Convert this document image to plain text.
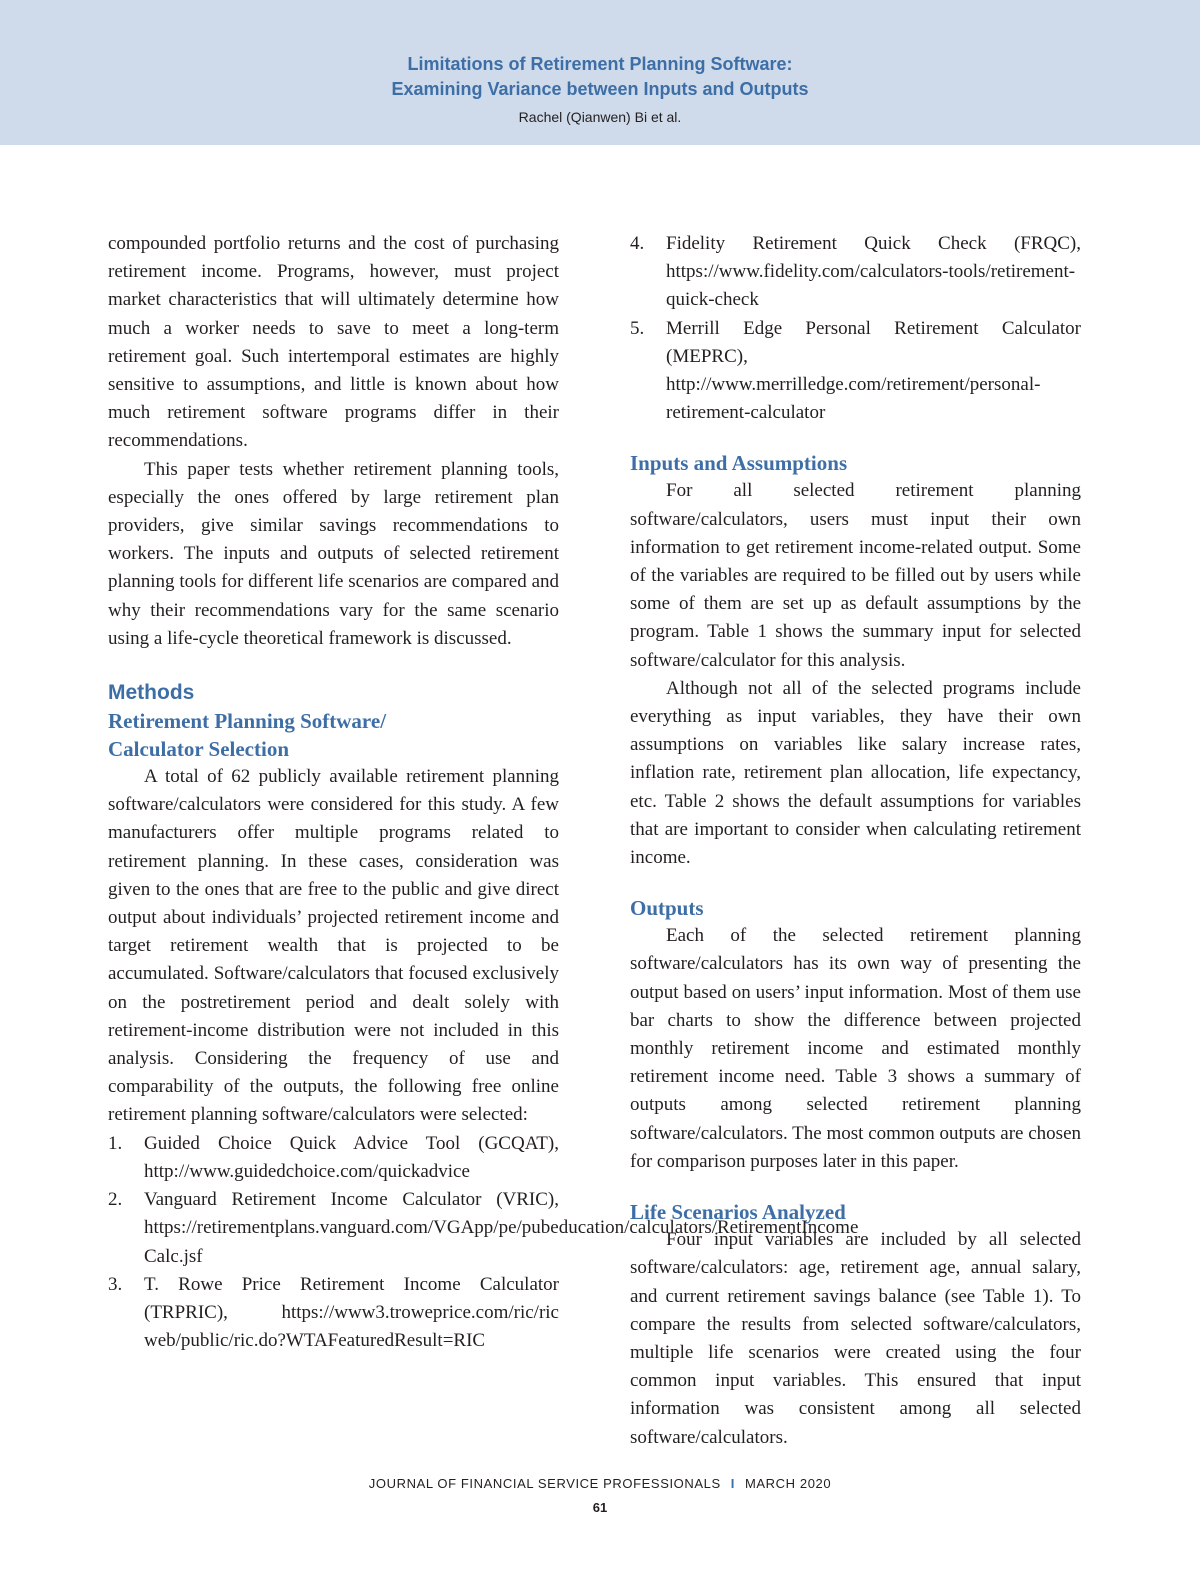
Limitations of Retirement Planning Software:
Examining Variance between Inputs and Outputs
Rachel (Qianwen) Bi et al.

compounded portfolio returns and the cost of purchasing retirement income. Programs, however, must project market characteristics that will ultimately determine how much a worker needs to save to meet a long-term retirement goal. Such intertemporal estimates are highly sensitive to assumptions, and little is known about how much retirement software programs differ in their recommendations.

This paper tests whether retirement planning tools, especially the ones offered by large retirement plan providers, give similar savings recommendations to workers. The inputs and outputs of selected retirement planning tools for different life scenarios are compared and why their recommendations vary for the same scenario using a life-cycle theoretical framework is discussed.

Methods
Retirement Planning Software/
Calculator Selection

A total of 62 publicly available retirement planning software/calculators were considered for this study. A few manufacturers offer multiple programs related to retirement planning. In these cases, consideration was given to the ones that are free to the public and give direct output about individuals’ projected retirement income and target retirement wealth that is projected to be accumulated. Software/calculators that focused exclusively on the postretirement period and dealt solely with retirement-income distribution were not included in this analysis. Considering the frequency of use and comparability of the outputs, the following free online retirement planning software/calculators were selected:

1. Guided Choice Quick Advice Tool (GCQAT), http://www.guidedchoice.com/quickadvice
2. Vanguard Retirement Income Calculator (VRIC), https://retirementplans.vanguard.com/VGApp/pe/pubeducation/calculators/RetirementIncome Calc.jsf
3. T. Rowe Price Retirement Income Calculator (TRPRIC), https://www3.troweprice.com/ric/ric web/public/ric.do?WTAFeaturedResult=RIC
4. Fidelity Retirement Quick Check (FRQC), https://www.fidelity.com/calculators-tools/retirement-quick-check
5. Merrill Edge Personal Retirement Calculator (MEPRC), http://www.merrilledge.com/retirement/personal-retirement-calculator
Inputs and Assumptions

For all selected retirement planning software/calculators, users must input their own information to get retirement income-related output. Some of the variables are required to be filled out by users while some of them are set up as default assumptions by the program. Table 1 shows the summary input for selected software/calculator for this analysis.

Although not all of the selected programs include everything as input variables, they have their own assumptions on variables like salary increase rates, inflation rate, retirement plan allocation, life expectancy, etc. Table 2 shows the default assumptions for variables that are important to consider when calculating retirement income.

Outputs

Each of the selected retirement planning software/calculators has its own way of presenting the output based on users’ input information. Most of them use bar charts to show the difference between projected monthly retirement income and estimated monthly retirement income need. Table 3 shows a summary of outputs among selected retirement planning software/calculators. The most common outputs are chosen for comparison purposes later in this paper.

Life Scenarios Analyzed

Four input variables are included by all selected software/calculators: age, retirement age, annual salary, and current retirement savings balance (see Table 1). To compare the results from selected software/calculators, multiple life scenarios were created using the four common input variables. This ensured that input information was consistent among all selected software/calculators.

JOURNAL OF FINANCIAL SERVICE PROFESSIONALS I MARCH 2020
61
